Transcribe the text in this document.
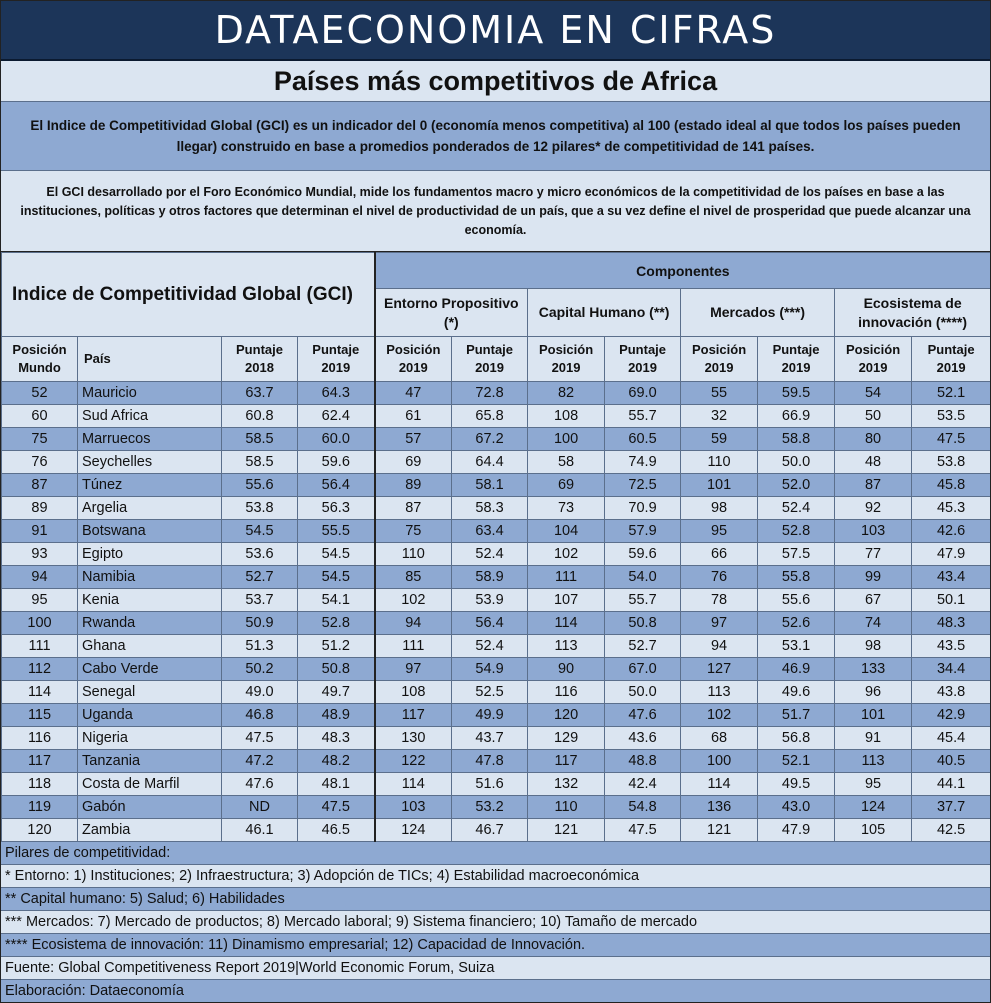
DATAECONOMIA EN CIFRAS
Países más competitivos de Africa
El Indice de Competitividad Global (GCI) es un indicador del 0 (economía menos competitiva) al 100 (estado ideal al que todos los países pueden llegar) construido en base a promedios ponderados de 12 pilares* de competitividad de 141 países.
El GCI desarrollado por el Foro Económico Mundial, mide los fundamentos macro y micro económicos de la competitividad de los países en base a las instituciones, políticas y otros factores que determinan el nivel de productividad de un país, que a su vez define el nivel de prosperidad que puede alcanzar una economía.
Indice de Competitividad Global (GCI)				Componentes							
				Entorno Propositivo (*)		Capital Humano (**)		Mercados (***)		Ecosistema de innovación (****)	
Posición Mundo	País	Puntaje 2018	Puntaje 2019	Posición 2019	Puntaje 2019	Posición 2019	Puntaje 2019	Posición 2019	Puntaje 2019	Posición 2019	Puntaje 2019
52	Mauricio	63.7	64.3	47	72.8	82	69.0	55	59.5	54	52.1
60	Sud Africa	60.8	62.4	61	65.8	108	55.7	32	66.9	50	53.5
75	Marruecos	58.5	60.0	57	67.2	100	60.5	59	58.8	80	47.5
76	Seychelles	58.5	59.6	69	64.4	58	74.9	110	50.0	48	53.8
87	Túnez	55.6	56.4	89	58.1	69	72.5	101	52.0	87	45.8
89	Argelia	53.8	56.3	87	58.3	73	70.9	98	52.4	92	45.3
91	Botswana	54.5	55.5	75	63.4	104	57.9	95	52.8	103	42.6
93	Egipto	53.6	54.5	110	52.4	102	59.6	66	57.5	77	47.9
94	Namibia	52.7	54.5	85	58.9	111	54.0	76	55.8	99	43.4
95	Kenia	53.7	54.1	102	53.9	107	55.7	78	55.6	67	50.1
100	Rwanda	50.9	52.8	94	56.4	114	50.8	97	52.6	74	48.3
111	Ghana	51.3	51.2	111	52.4	113	52.7	94	53.1	98	43.5
112	Cabo Verde	50.2	50.8	97	54.9	90	67.0	127	46.9	133	34.4
114	Senegal	49.0	49.7	108	52.5	116	50.0	113	49.6	96	43.8
115	Uganda	46.8	48.9	117	49.9	120	47.6	102	51.7	101	42.9
116	Nigeria	47.5	48.3	130	43.7	129	43.6	68	56.8	91	45.4
117	Tanzania	47.2	48.2	122	47.8	117	48.8	100	52.1	113	40.5
118	Costa de Marfil	47.6	48.1	114	51.6	132	42.4	114	49.5	95	44.1
119	Gabón	ND	47.5	103	53.2	110	54.8	136	43.0	124	37.7
120	Zambia	46.1	46.5	124	46.7	121	47.5	121	47.9	105	42.5
Pilares de competitividad:
* Entorno: 1) Instituciones; 2) Infraestructura; 3) Adopción de TICs; 4) Estabilidad macroeconómica
** Capital humano: 5) Salud; 6) Habilidades
*** Mercados: 7) Mercado de productos; 8) Mercado laboral; 9) Sistema financiero; 10) Tamaño de mercado
**** Ecosistema de innovación: 11) Dinamismo empresarial; 12) Capacidad de Innovación.
Fuente: Global Competitiveness Report 2019|World Economic Forum, Suiza
Elaboración: Dataeconomía
